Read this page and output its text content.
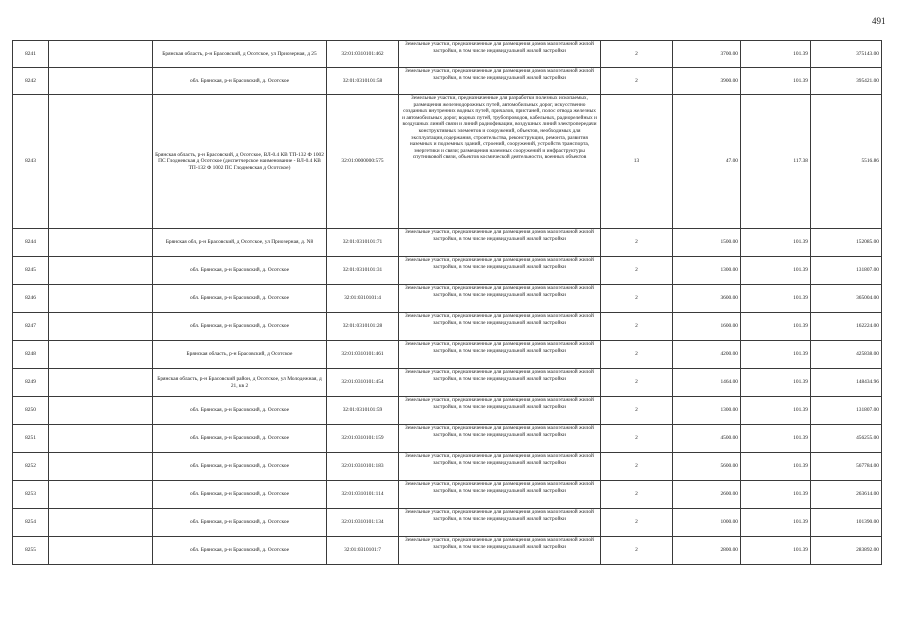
491
8241		Брянская область, р-н Брасовский, д Осотское, ул Приозерная, д 25	32:01:0310101:462	Земельные участки, предназначенные для размещения домов малоэтажной жилой застройки, в том числе индивидуальной жилой застройки	2	3700.00	101.39	375143.00
8242		обл. Брянская, р-н Брасовский, д. Осотское	32:01:0310101:58	Земельные участки, предназначенные для размещения домов малоэтажной жилой застройки, в том числе индивидуальной жилой застройки	2	3900.00	101.39	395421.00
8243		Брянская область, р-н Брасовский, д Осотское, ВЛ-0.4 КВ ТП-132 Ф 1002 ПС Глодневская д Осотское (диспетчерское наименование - ВЛ-0.4 КВ ТП-132 Ф 1002 ПС Глодневская д Осотское)	32:01:0000000:575	Земельные участки, предназначенные для разработки полезных ископаемых, размещения железнодорожных путей, автомобильных дорог, искусственно созданных внутренних водных путей, причалов, пристаней, полос отвода железных и автомобильных дорог, водных путей, трубопроводов, кабельных, радиорелейных и воздушных линий связи и линий радиофикации, воздушных линий электропередачи конструктивных элементов и сооружений, объектов, необходимых для эксплуатации,содержания, строительства, реконструкции, ремонта, развития наземных и подземных зданий, строений, сооружений, устройств транспорта, энергетики и связи; размещения наземных сооружений и инфраструктуры спутниковой связи, объектов космической деятельности, военных объектов	13	47.00	117.38	5516.86
8244		Брянская обл, р-н Брасовский, д Осотское, ул Приозерная, д. N8	32:01:0310101:71	Земельные участки, предназначенные для размещения домов малоэтажной жилой застройки, в том числе индивидуальной жилой застройки	2	1500.00	101.39	152085.00
8245		обл. Брянская, р-н Брасовский, д. Осотское	32:01:0310101:31	Земельные участки, предназначенные для размещения домов малоэтажной жилой застройки, в том числе индивидуальной жилой застройки	2	1300.00	101.39	131807.00
8246		обл. Брянская, р-н Брасовский, д. Осотское	32:01:0310101:4	Земельные участки, предназначенные для размещения домов малоэтажной жилой застройки, в том числе индивидуальной жилой застройки	2	3600.00	101.39	365004.00
8247		обл. Брянская, р-н Брасовский, д. Осотское	32:01:0310101:28	Земельные участки, предназначенные для размещения домов малоэтажной жилой застройки, в том числе индивидуальной жилой застройки	2	1600.00	101.39	162224.00
8248		Брянская область, р-н Брасовский, д Осотское	32:01:0310101:461	Земельные участки, предназначенные для размещения домов малоэтажной жилой застройки, в том числе индивидуальной жилой застройки	2	4200.00	101.39	425838.00
8249		Брянская область, р-н Брасовский район, д Осотское, ул Молодежная, д 21, кв 2	32:01:0310101:454	Земельные участки, предназначенные для размещения домов малоэтажной жилой застройки, в том числе индивидуальной жилой застройки	2	1464.00	101.39	148434.96
8250		обл. Брянская, р-н Брасовский, д. Осотское	32:01:0310101:59	Земельные участки, предназначенные для размещения домов малоэтажной жилой застройки, в том числе индивидуальной жилой застройки	2	1300.00	101.39	131807.00
8251		обл. Брянская, р-н Брасовский, д. Осотское	32:01:0310101:159	Земельные участки, предназначенные для размещения домов малоэтажной жилой застройки, в том числе индивидуальной жилой застройки	2	4500.00	101.39	456255.00
8252		обл. Брянская, р-н Брасовский, д. Осотское	32:01:0310101:183	Земельные участки, предназначенные для размещения домов малоэтажной жилой застройки, в том числе индивидуальной жилой застройки	2	5600.00	101.39	567784.00
8253		обл. Брянская, р-н Брасовский, д. Осотское	32:01:0310101:114	Земельные участки, предназначенные для размещения домов малоэтажной жилой застройки, в том числе индивидуальной жилой застройки	2	2600.00	101.39	263614.00
8254		обл. Брянская, р-н Брасовский, д. Осотское	32:01:0310101:134	Земельные участки, предназначенные для размещения домов малоэтажной жилой застройки, в том числе индивидуальной жилой застройки	2	1000.00	101.39	101390.00
8255		обл. Брянская, р-н Брасовский, д. Осотское	32:01:0310101:7	Земельные участки, предназначенные для размещения домов малоэтажной жилой застройки, в том числе индивидуальной жилой застройки	2	2800.00	101.39	283892.00
